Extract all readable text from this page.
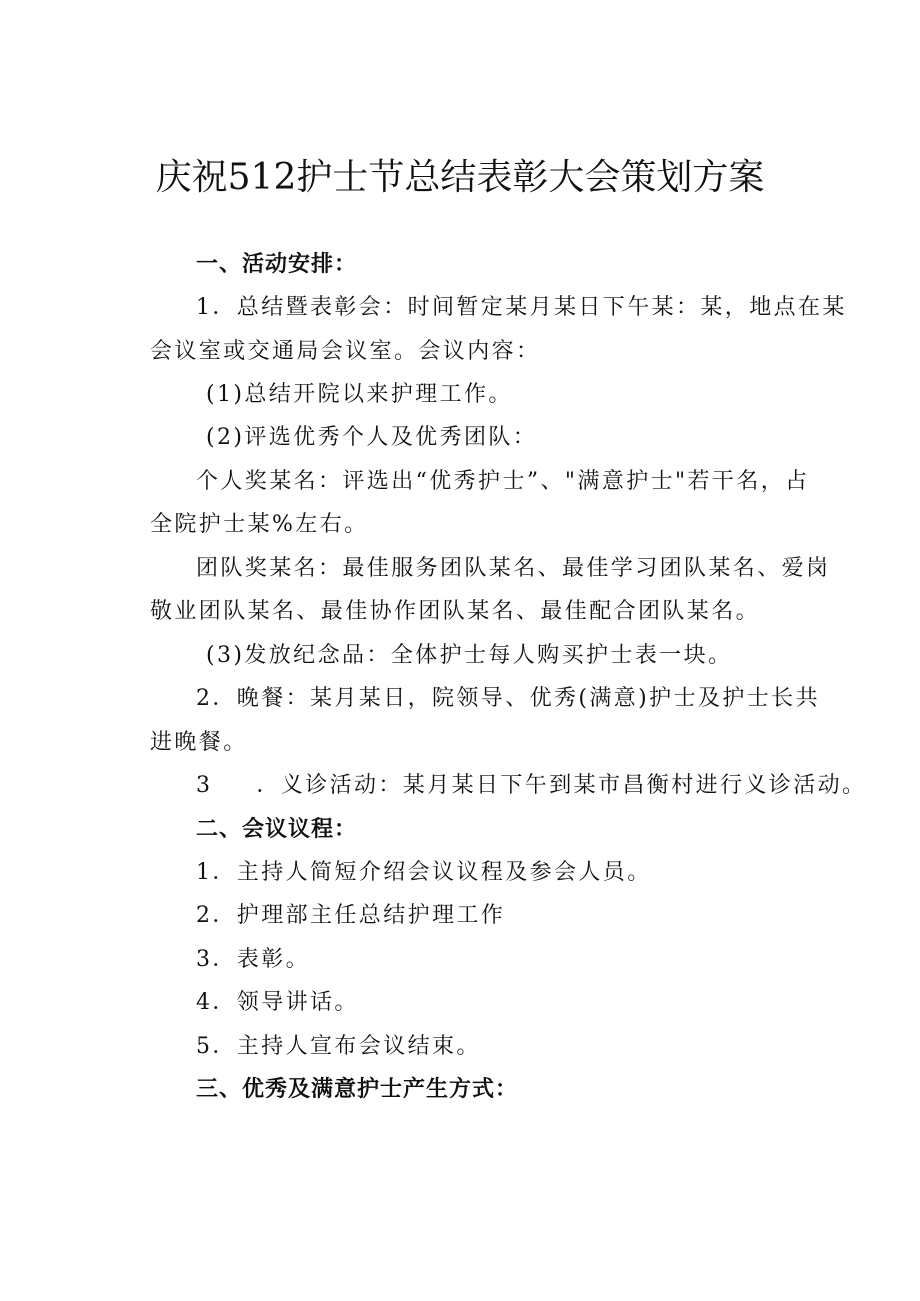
庆祝512护士节总结表彰大会策划方案
一、活动安排：
1．总结暨表彰会：时间暂定某月某日下午某：某，地点在某
会议室或交通局会议室。会议内容：
(1)总结开院以来护理工作。
(2)评选优秀个人及优秀团队：
个人奖某名：评选出“优秀护士”、"满意护士"若干名，占
全院护士某%左右。
团队奖某名：最佳服务团队某名、最佳学习团队某名、爱岗
敬业团队某名、最佳协作团队某名、最佳配合团队某名。
(3)发放纪念品：全体护士每人购买护士表一块。
2．晚餐：某月某日，院领导、优秀(满意)护士及护士长共
进晚餐。
3 ．义诊活动：某月某日下午到某市昌衡村进行义诊活动。
二、会议议程：
1．主持人简短介绍会议议程及参会人员。
2．护理部主任总结护理工作
3．表彰。
4．领导讲话。
5．主持人宣布会议结束。
三、优秀及满意护士产生方式：
